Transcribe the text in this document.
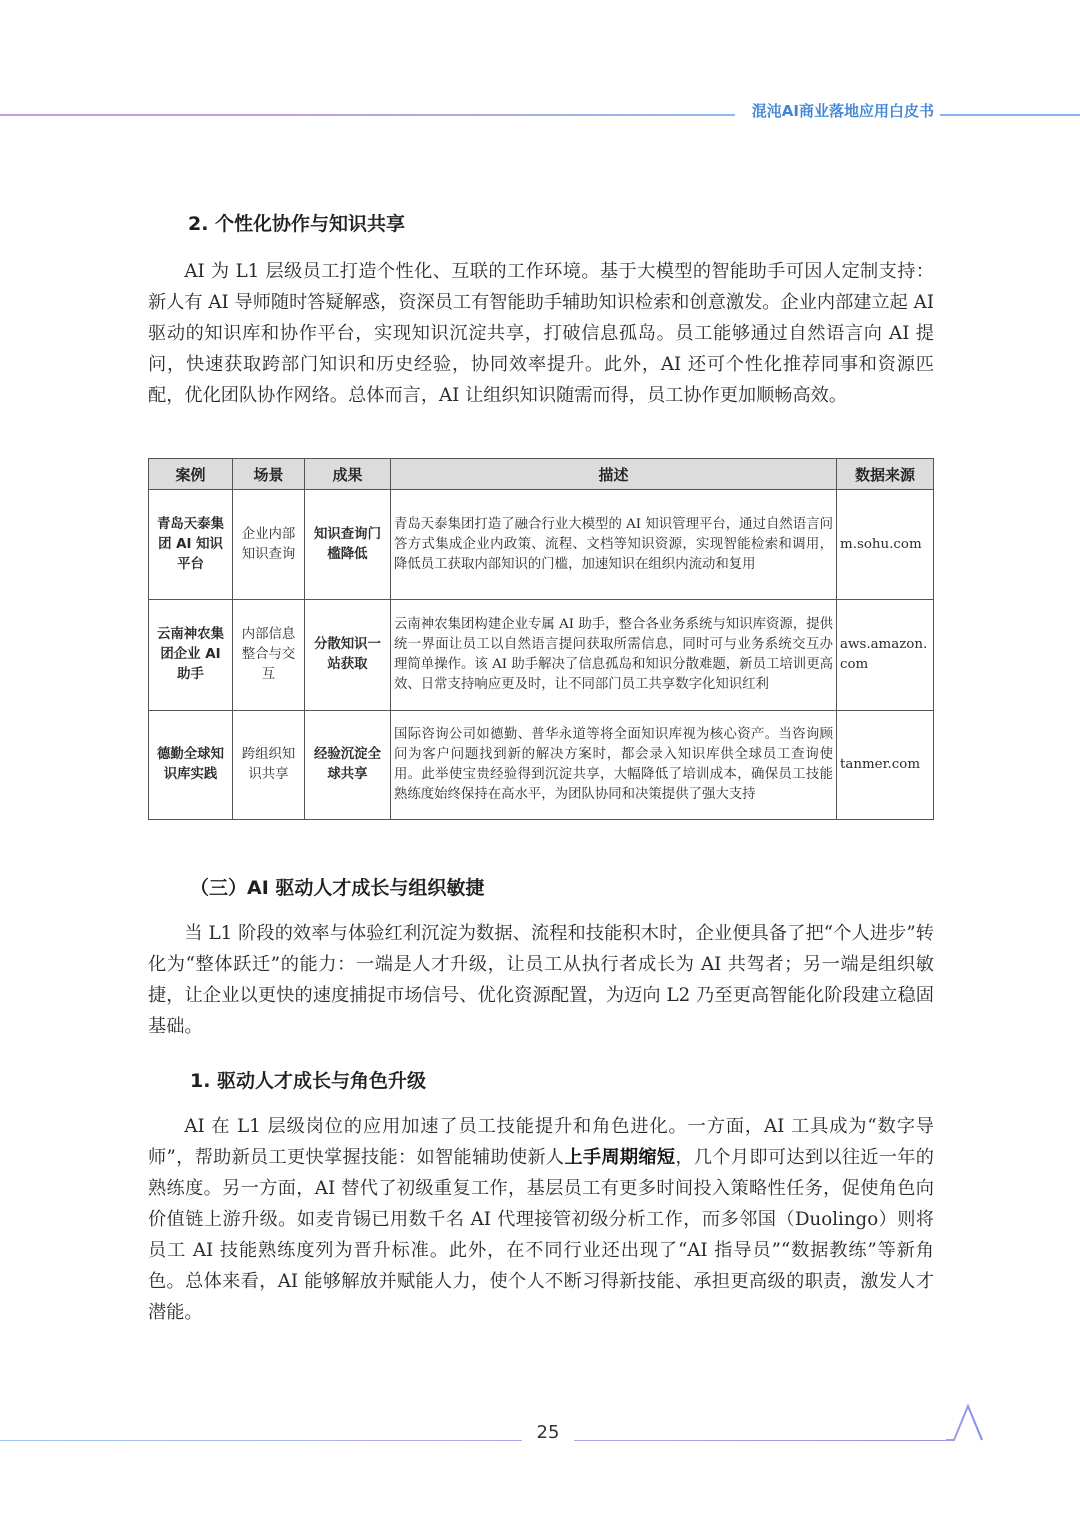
混沌AI商业落地应用白皮书
2. 个性化协作与知识共享

AI 为 L1 层级员工打造个性化、互联的工作环境。基于大模型的智能助手可因人定制支持：新人有 AI 导师随时答疑解惑，资深员工有智能助手辅助知识检索和创意激发。企业内部建立起 AI 驱动的知识库和协作平台，实现知识沉淀共享，打破信息孤岛。员工能够通过自然语言向 AI 提问，快速获取跨部门知识和历史经验，协同效率提升。此外，AI 还可个性化推荐同事和资源匹配，优化团队协作网络。总体而言，AI 让组织知识随需而得，员工协作更加顺畅高效。

案例	场景	成果	描述	数据来源
青岛天泰集团 AI 知识平台	企业内部知识查询	知识查询门槛降低	青岛天泰集团打造了融合行业大模型的 AI 知识管理平台，通过自然语言问答方式集成企业内政策、流程、文档等知识资源，实现智能检索和调用，降低员工获取内部知识的门槛，加速知识在组织内流动和复用	m.sohu.com
云南神农集团企业 AI 助手	内部信息整合与交互	分散知识一站获取	云南神农集团构建企业专属 AI 助手，整合各业务系统与知识库资源，提供统一界面让员工以自然语言提问获取所需信息，同时可与业务系统交互办理简单操作。该 AI 助手解决了信息孤岛和知识分散难题，新员工培训更高效、日常支持响应更及时，让不同部门员工共享数字化知识红利	aws.amazon.com
德勤全球知识库实践	跨组织知识共享	经验沉淀全球共享	国际咨询公司如德勤、普华永道等将全面知识库视为核心资产。当咨询顾问为客户问题找到新的解决方案时，都会录入知识库供全球员工查询使用。此举使宝贵经验得到沉淀共享，大幅降低了培训成本，确保员工技能熟练度始终保持在高水平，为团队协同和决策提供了强大支持	tanmer.com
（三）AI 驱动人才成长与组织敏捷

当 L1 阶段的效率与体验红利沉淀为数据、流程和技能积木时，企业便具备了把“个人进步”转化为“整体跃迁”的能力：一端是人才升级，让员工从执行者成长为 AI 共驾者；另一端是组织敏捷，让企业以更快的速度捕捉市场信号、优化资源配置，为迈向 L2 乃至更高智能化阶段建立稳固基础。

1. 驱动人才成长与角色升级

AI 在 L1 层级岗位的应用加速了员工技能提升和角色进化。一方面，AI 工具成为“数字导师”，帮助新员工更快掌握技能：如智能辅助使新人上手周期缩短，几个月即可达到以往近一年的熟练度。另一方面，AI 替代了初级重复工作，基层员工有更多时间投入策略性任务，促使角色向价值链上游升级。如麦肯锡已用数千名 AI 代理接管初级分析工作，而多邻国（Duolingo）则将员工 AI 技能熟练度列为晋升标准。此外，在不同行业还出现了“AI 指导员”“数据教练”等新角色。总体来看，AI 能够解放并赋能人力，使个人不断习得新技能、承担更高级的职责，激发人才潜能。

25
